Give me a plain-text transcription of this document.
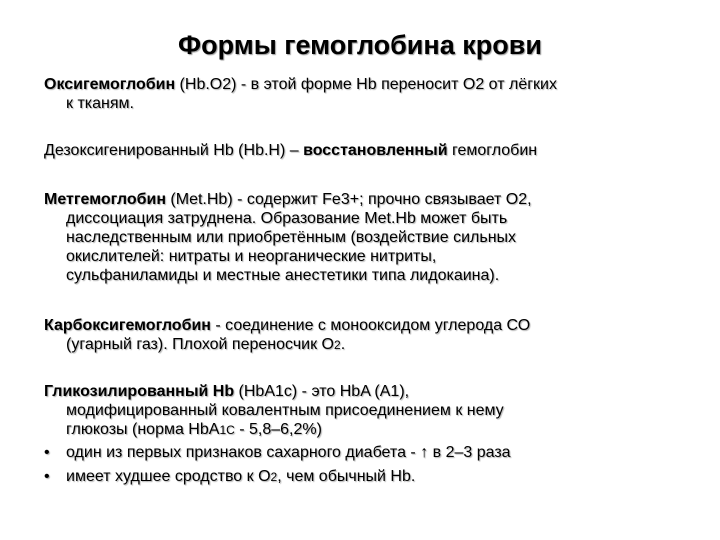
Формы гемоглобина крови
Оксигемоглобин (Hb.O2) - в этой форме Hb переносит О2 от лёгких
к тканям.
Дезоксигенированный Hb (Hb.H) – восстановленный гемоглобин
Метгемоглобин (Met.Hb) - содержит Fe3+; прочно связывает О2,
диссоциация затруднена. Образование Met.Hb может быть
наследственным или приобретённым (воздействие сильных
окислителей: нитраты и неорганические нитриты,
сульфаниламиды и местные анестетики типа лидокаина).
Карбоксигемоглобин - соединение с монооксидом углерода СО
(угарный газ). Плохой переносчик О2.
Гликозилированный Hb (HbA1c) - это HbA (A1),
модифицированный ковалентным присоединением к нему
глюкозы (норма HbA1C - 5,8–6,2%)
• один из первых признаков сахарного диабета - ↑ в 2–3 раза
• имеет худшее сродство к О2, чем обычный Hb.
